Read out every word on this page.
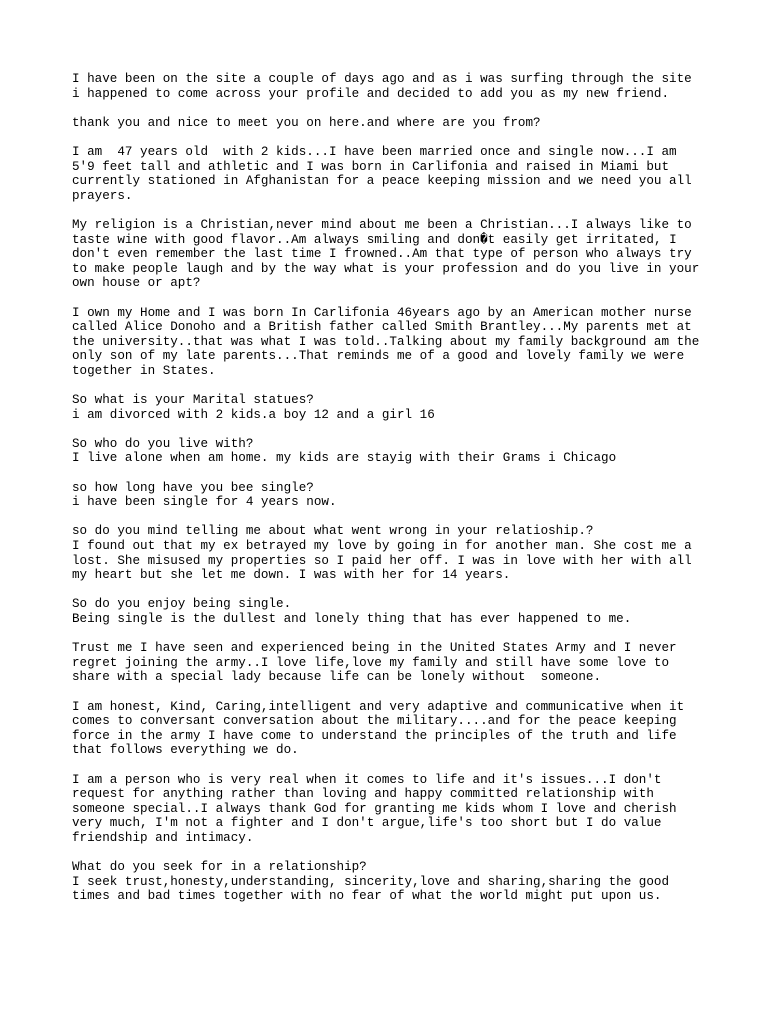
I have been on the site a couple of days ago and as i was surfing through the site
i happened to come across your profile and decided to add you as my new friend.
thank you and nice to meet you on here.and where are you from?
I am  47 years old  with 2 kids...I have been married once and single now...I am
5'9 feet tall and athletic and I was born in Carlifonia and raised in Miami but
currently stationed in Afghanistan for a peace keeping mission and we need you all
prayers.
My religion is a Christian,never mind about me been a Christian...I always like to
taste wine with good flavor..Am always smiling and don�t easily get irritated, I
don't even remember the last time I frowned..Am that type of person who always try
to make people laugh and by the way what is your profession and do you live in your
own house or apt?
I own my Home and I was born In Carlifonia 46years ago by an American mother nurse
called Alice Donoho and a British father called Smith Brantley...My parents met at
the university..that was what I was told..Talking about my family background am the
only son of my late parents...That reminds me of a good and lovely family we were
together in States.
So what is your Marital statues?
i am divorced with 2 kids.a boy 12 and a girl 16
So who do you live with?
I live alone when am home. my kids are stayig with their Grams i Chicago
so how long have you bee single?
i have been single for 4 years now.
so do you mind telling me about what went wrong in your relatioship.?
I found out that my ex betrayed my love by going in for another man. She cost me a
lost. She misused my properties so I paid her off. I was in love with her with all
my heart but she let me down. I was with her for 14 years.
So do you enjoy being single.
Being single is the dullest and lonely thing that has ever happened to me.
Trust me I have seen and experienced being in the United States Army and I never
regret joining the army..I love life,love my family and still have some love to
share with a special lady because life can be lonely without  someone.
I am honest, Kind, Caring,intelligent and very adaptive and communicative when it
comes to conversant conversation about the military....and for the peace keeping
force in the army I have come to understand the principles of the truth and life
that follows everything we do.
I am a person who is very real when it comes to life and it's issues...I don't
request for anything rather than loving and happy committed relationship with
someone special..I always thank God for granting me kids whom I love and cherish
very much, I'm not a fighter and I don't argue,life's too short but I do value
friendship and intimacy.
What do you seek for in a relationship?
I seek trust,honesty,understanding, sincerity,love and sharing,sharing the good
times and bad times together with no fear of what the world might put upon us.
